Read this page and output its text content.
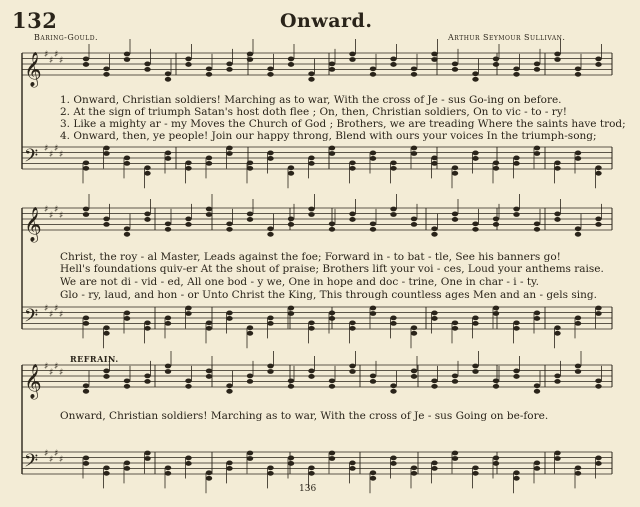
132	Onward.
Baring-Gould.	Arthur Seymour Sullivan.
𝄞 ♯
♯
♯
♯
𝄢 ♯
♯
♯
♯
𝄞 ♯
♯
♯
♯
𝄢 ♯
♯
♯
♯
𝄞 ♯
♯
♯
♯
𝄢 ♯
♯
♯
♯
1. Onward, Christian soldiers! Marching as to war, With the cross of Je - sus Go-ing on before.
2. At the sign of triumph Satan's host doth flee ; On, then, Christian soldiers, On to vic - to - ry!
3. Like a mighty ar - my Moves the Church of God ; Brothers, we are treading Where the saints have trod;
4. Onward, then, ye people! Join our happy throng, Blend with ours your voices In the triumph-song;
Christ, the roy - al Master, Leads against the foe; Forward in - to bat - tle, See his banners go!
Hell's foundations quiv-er At the shout of praise; Brothers lift your voi - ces, Loud your anthems raise.
We are not di - vid - ed, All one bod - y we, One in hope and doc - trine, One in char - i - ty.
Glo - ry, laud, and hon - or Unto Christ the King, This through countless ages Men and an - gels sing.
REFRAIN.
Onward, Christian soldiers! Marching as to war, With the cross of Je - sus Going on be-fore.
136
